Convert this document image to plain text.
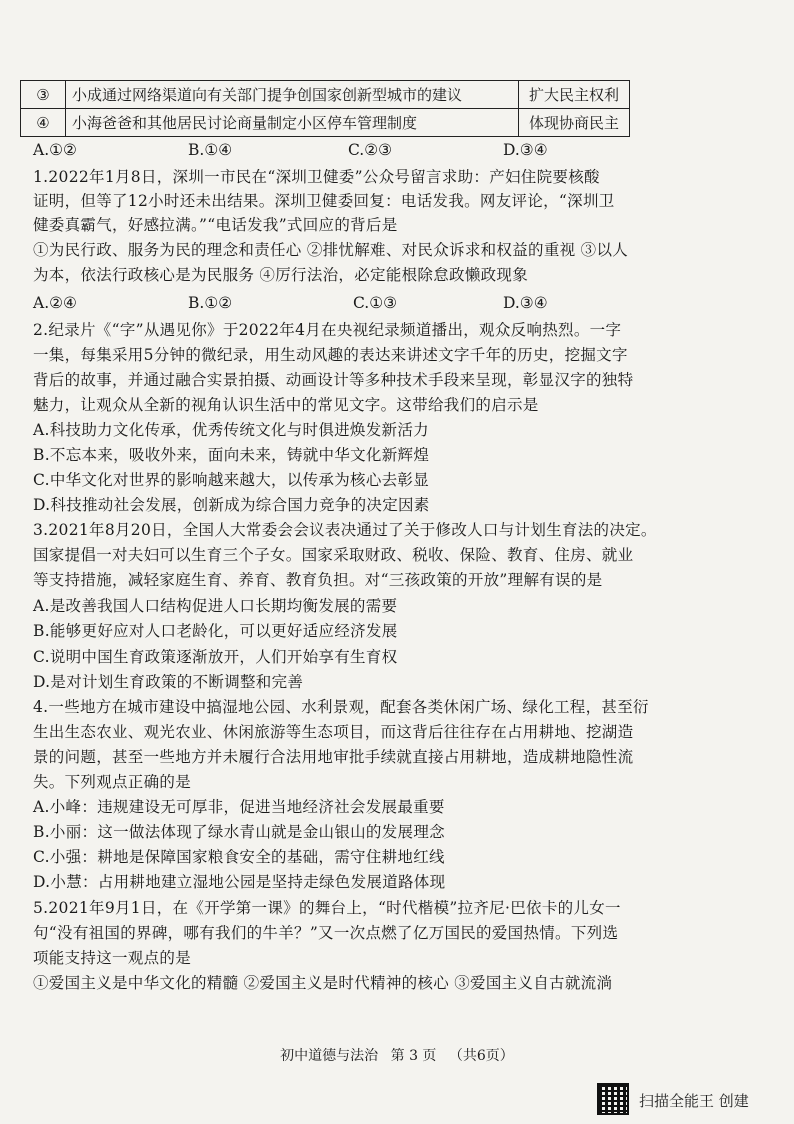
③	小成通过网络渠道向有关部门提争创国家创新型城市的建议	扩大民主权利
④	小海爸爸和其他居民讨论商量制定小区停车管理制度	体现协商民主
A.①②	B.①④	C.②③	D.③④
1.2022年1月8日，深圳一市民在“深圳卫健委”公众号留言求助：产妇住院要核酸
证明，但等了12小时还未出结果。深圳卫健委回复：电话发我。网友评论，“深圳卫
健委真霸气，好感拉满。”“电话发我”式回应的背后是
①为民行政、服务为民的理念和责任心 ②排忧解难、对民众诉求和权益的重视 ③以人
为本，依法行政核心是为民服务 ④厉行法治，必定能根除怠政懒政现象
A.②④	B.①②	C.①③	D.③④
2.纪录片《“字”从遇见你》于2022年4月在央视纪录频道播出，观众反响热烈。一字
一集，每集采用5分钟的微纪录，用生动风趣的表达来讲述文字千年的历史，挖掘文字
背后的故事，并通过融合实景拍摄、动画设计等多种技术手段来呈现，彰显汉字的独特
魅力，让观众从全新的视角认识生活中的常见文字。这带给我们的启示是
A.科技助力文化传承，优秀传统文化与时俱进焕发新活力
B.不忘本来，吸收外来，面向未来，铸就中华文化新辉煌
C.中华文化对世界的影响越来越大，以传承为核心去彰显
D.科技推动社会发展，创新成为综合国力竞争的决定因素
3.2021年8月20日，全国人大常委会会议表决通过了关于修改人口与计划生育法的决定。
国家提倡一对夫妇可以生育三个子女。国家采取财政、税收、保险、教育、住房、就业
等支持措施，减轻家庭生育、养育、教育负担。对“三孩政策的开放”理解有误的是
A.是改善我国人口结构促进人口长期均衡发展的需要
B.能够更好应对人口老龄化，可以更好适应经济发展
C.说明中国生育政策逐渐放开，人们开始享有生育权
D.是对计划生育政策的不断调整和完善
4.一些地方在城市建设中搞湿地公园、水利景观，配套各类休闲广场、绿化工程，甚至衍
生出生态农业、观光农业、休闲旅游等生态项目，而这背后往往存在占用耕地、挖湖造
景的问题，甚至一些地方并未履行合法用地审批手续就直接占用耕地，造成耕地隐性流
失。下列观点正确的是
A.小峰：违规建设无可厚非，促进当地经济社会发展最重要
B.小丽：这一做法体现了绿水青山就是金山银山的发展理念
C.小强：耕地是保障国家粮食安全的基础，需守住耕地红线
D.小慧：占用耕地建立湿地公园是坚持走绿色发展道路体现
5.2021年9月1日，在《开学第一课》的舞台上，“时代楷模”拉齐尼·巴依卡的儿女一
句“没有祖国的界碑，哪有我们的牛羊？”又一次点燃了亿万国民的爱国热情。下列选
项能支持这一观点的是
①爱国主义是中华文化的精髓 ②爱国主义是时代精神的核心 ③爱国主义自古就流淌
初中道德与法治 第 3 页 （共6页）
扫描全能王 创建
